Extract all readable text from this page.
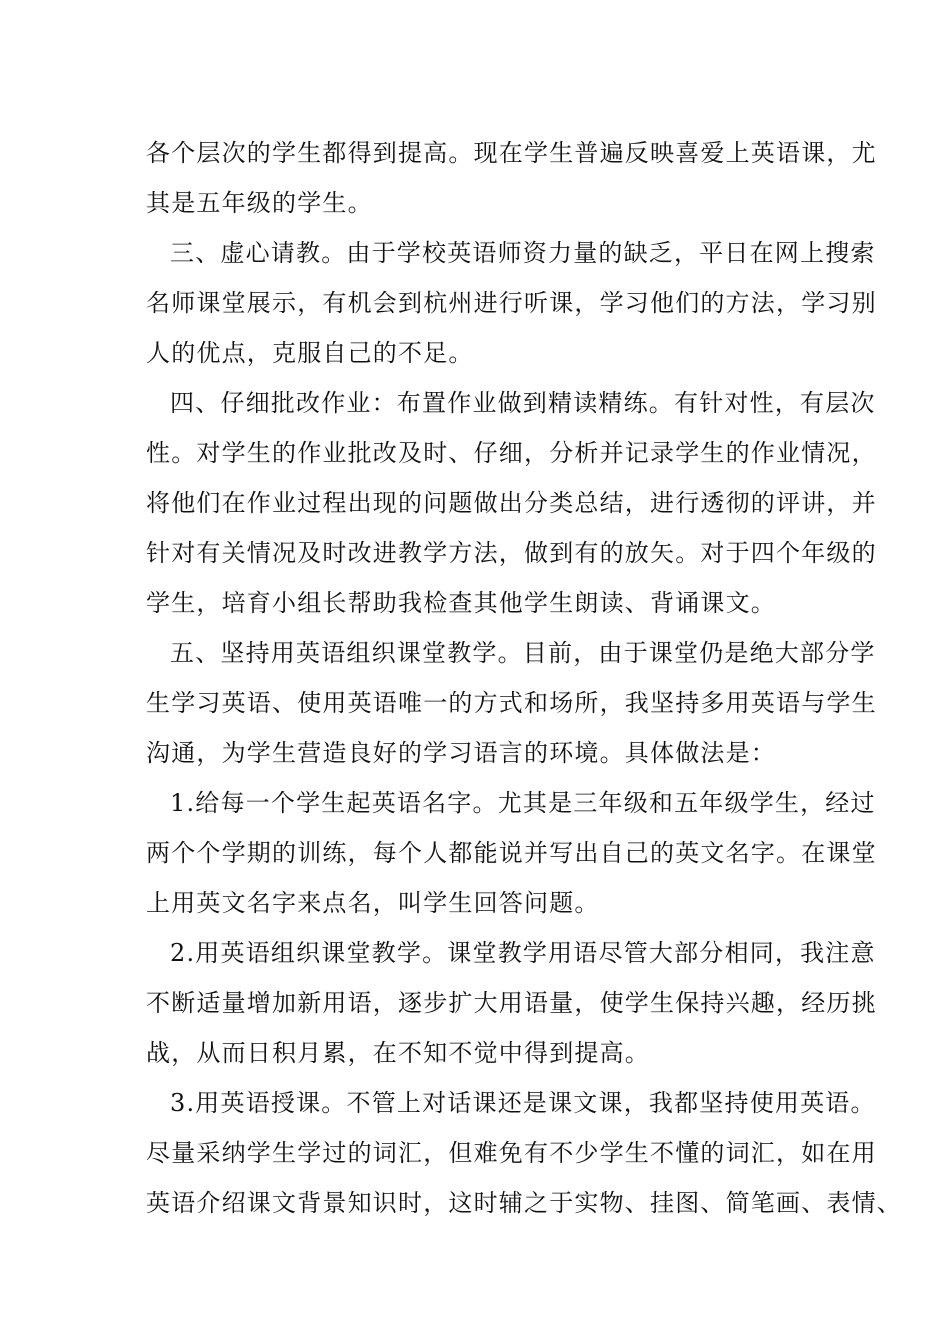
各个层次的学生都得到提高。现在学生普遍反映喜爱上英语课，尤
其是五年级的学生。
三、虚心请教。由于学校英语师资力量的缺乏，平日在网上搜索
名师课堂展示，有机会到杭州进行听课，学习他们的方法，学习别
人的优点，克服自己的不足。
四、仔细批改作业：布置作业做到精读精练。有针对性，有层次
性。对学生的作业批改及时、仔细，分析并记录学生的作业情况，
将他们在作业过程出现的问题做出分类总结，进行透彻的评讲，并
针对有关情况及时改进教学方法，做到有的放矢。对于四个年级的
学生，培育小组长帮助我检查其他学生朗读、背诵课文。
五、坚持用英语组织课堂教学。目前，由于课堂仍是绝大部分学
生学习英语、使用英语唯一的方式和场所，我坚持多用英语与学生
沟通，为学生营造良好的学习语言的环境。具体做法是：
1.给每一个学生起英语名字。尤其是三年级和五年级学生，经过
两个个学期的训练，每个人都能说并写出自己的英文名字。在课堂
上用英文名字来点名，叫学生回答问题。
2.用英语组织课堂教学。课堂教学用语尽管大部分相同，我注意
不断适量增加新用语，逐步扩大用语量，使学生保持兴趣，经历挑
战，从而日积月累，在不知不觉中得到提高。
3.用英语授课。不管上对话课还是课文课，我都坚持使用英语。
尽量采纳学生学过的词汇，但难免有不少学生不懂的词汇，如在用
英语介绍课文背景知识时，这时辅之于实物、挂图、简笔画、表情、
